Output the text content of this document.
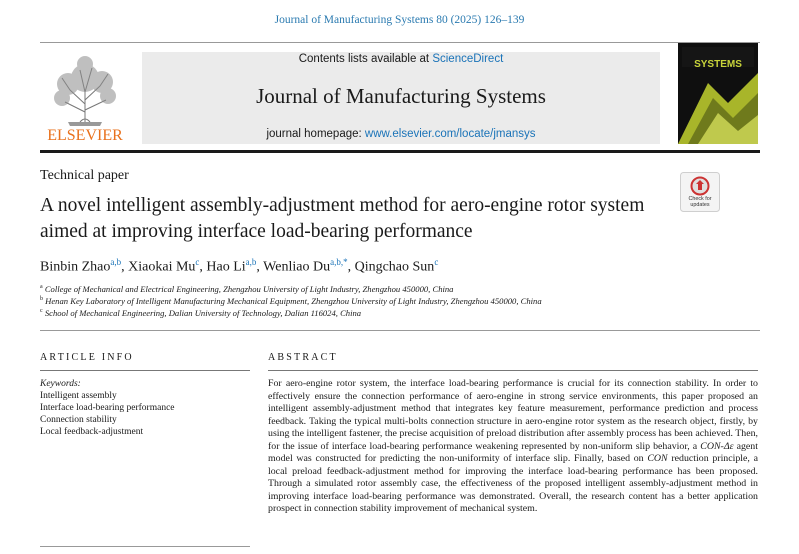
Journal of Manufacturing Systems 80 (2025) 126–139
ELSEVIER
Contents lists available at ScienceDirect
Journal of Manufacturing Systems
journal homepage: www.elsevier.com/locate/jmansys
SYSTEMS
Technical paper
A novel intelligent assembly-adjustment method for aero-engine rotor system aimed at improving interface load-bearing performance
Check for updates
Binbin Zhao$^{a,b}$, Xiaokai Mu$^c$, Hao Li$^{a,b}$, Wenliao $Du^{a,b,*}$, Qingchao Sun$^c$
$^a$ College of Mechanical and Electrical Engineering, Zhengzhou University of Light Industry, Zhengzhou 450000, China
$^b$ Henan Key Laboratory of Intelligent Manufacturing Mechanical Equipment, Zhengzhou University of Light Industry, Zhengzhou 450000, China
$^c$ School of Mechanical Engineering, Dalian University of Technology, Dalian 116024, China
ARTICLE INFO	ABSTRACT
Keywords:
Intelligent assembly
Interface load-bearing performance
Connection stability
Local feedback-adjustment

For aero-engine rotor system, the interface load-bearing performance is crucial for its connection stability. In order to effectively ensure the connection performance of aero-engine in strong service environments, this paper proposed an intelligent assembly-adjustment method that integrates key feature measurement, performance prediction and process feedback. Taking the typical multi-bolts connection structure in aero-engine rotor system as the research object, firstly, by using the intelligent fastener, the precise acquisition of preload distribution after assembly process has been achieved. Then, for the issue of interface load-bearing performance weakening represented by non-uniform slip behavior, a CON-Δε agent model was constructed for predicting the non-uniformity of interface slip. Finally, based on CON reduction principle, a local preload feedback-adjustment method for improving the interface load-bearing performance has been proposed. Through a simulated rotor assembly case, the effectiveness of the proposed intelligent assembly-adjustment method in improving interface load-bearing performance was demonstrated. Overall, the research content has a better application prospect in connection stability improvement of mechanical system.
